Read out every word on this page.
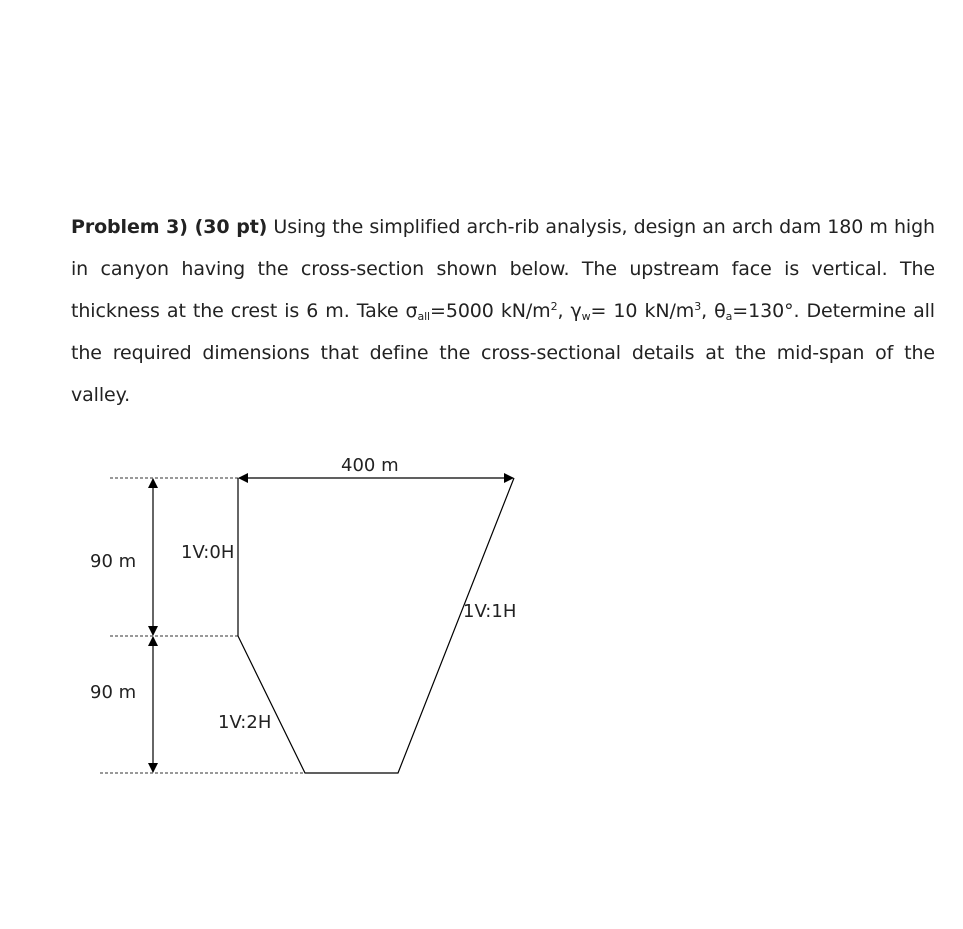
Problem 3) (30 pt) Using the simplified arch-rib analysis, design an arch dam 180 m high in canyon having the cross-section shown below. The upstream face is vertical. The thickness at the crest is 6 m. Take $\sigma_{all}=5000$ $kN/m^2$, $\gamma_w= 10$ $kN/m^3$, $\theta_a=130^\circ$. Determine all the required dimensions that define the cross-sectional details at the mid-span of the valley.
400 m
90 m
90 m
1V:0H
1V:2H
1V:1H
